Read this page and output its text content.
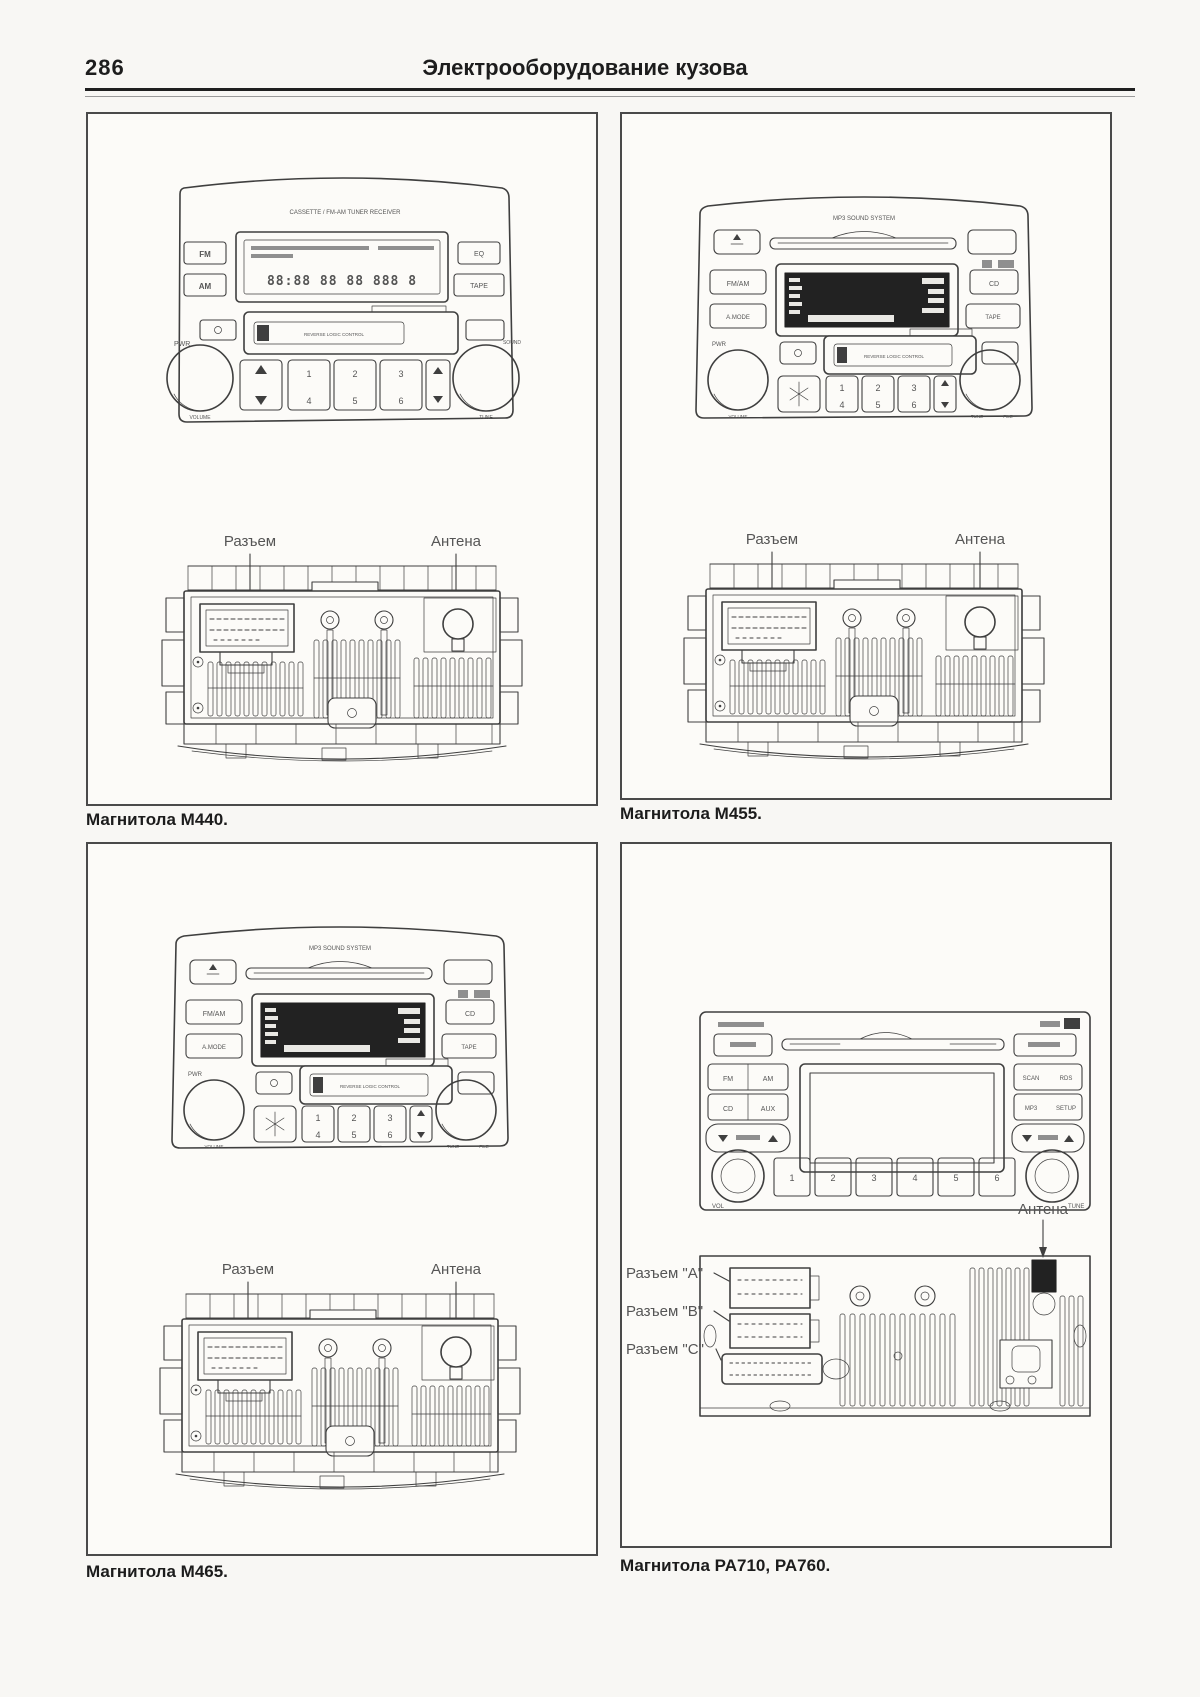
286	Электрооборудование кузова
CASSETTE / FM-AM TUNER RECEIVER
88:88 88 88 888 8
FM
AM
EQ
TAPE
REVERSE LOGIC CONTROL
PWR
VOLUME
SOUND
TUNE
1	2	3
4	5	6
Разъем	Антена
MP3 SOUND SYSTEM
FM/AM
A.MODE
CD
TAPE
REVERSE LOGIC CONTROL
PWR
VOLUME	TUNE	FILE
1	2	3
4	5	6
Разъем	Антена
MP3 SOUND SYSTEM
FM/AM
A.MODE
CD
TAPE
REVERSE LOGIC CONTROL
PWR
VOLUME	TUNE	FILE
1	2	3
4	5	6
Разъем	Антена
FM	AM
CD	AUX
SCAN	RDS
MP3	SETUP
VOL	TUNE
1	2	3	4	5	6
Антена
Разъем "A"
Разъем "B"
Разъем "C"
Магнитола М440.	Магнитола М455.
Магнитола М465.	Магнитола PA710, PA760.
